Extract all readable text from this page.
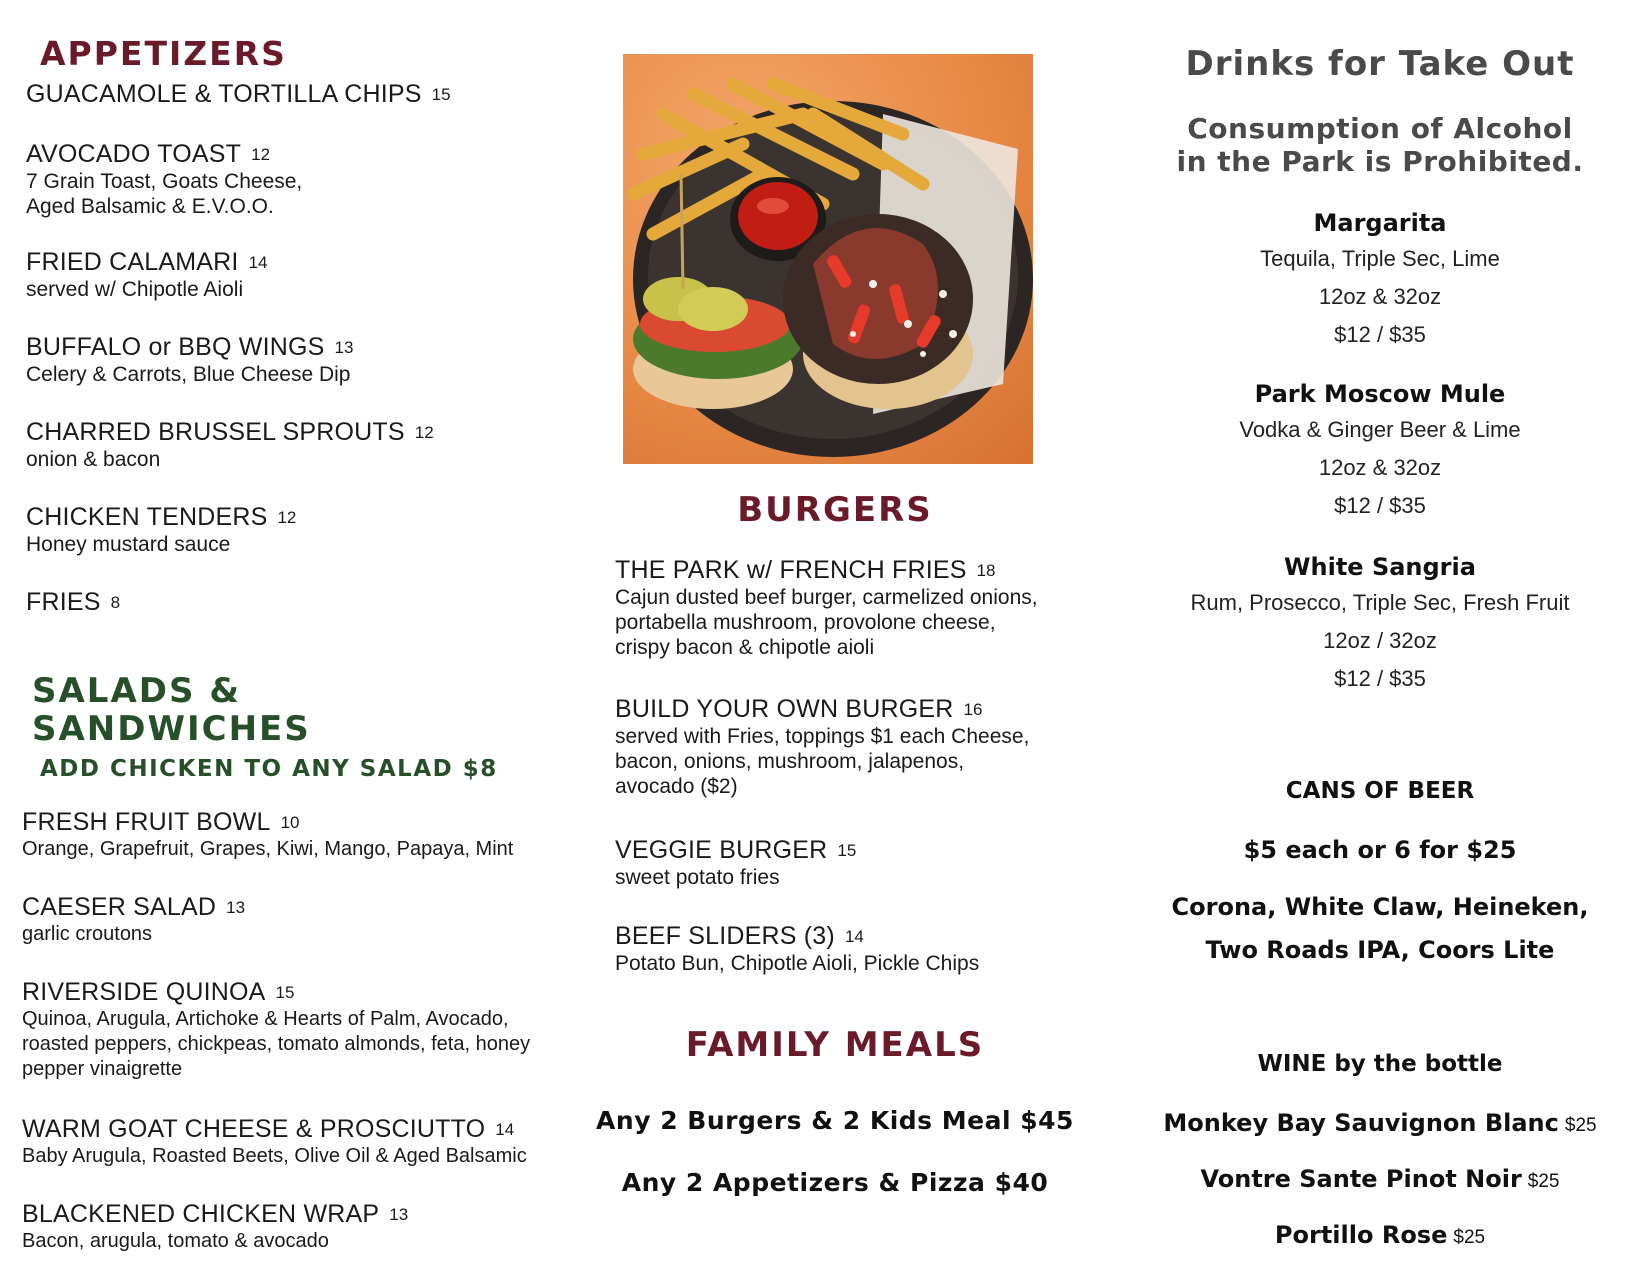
APPETIZERS
GUACAMOLE & TORTILLA CHIPS 15
AVOCADO TOAST 12
7 Grain Toast, Goats Cheese,
Aged Balsamic & E.V.O.O.
FRIED CALAMARI 14
served w/ Chipotle Aioli
BUFFALO or BBQ WINGS 13
Celery & Carrots, Blue Cheese Dip
CHARRED BRUSSEL SPROUTS 12
onion & bacon
CHICKEN TENDERS 12
Honey mustard sauce
FRIES 8
SALADS &
SANDWICHES
ADD CHICKEN TO ANY SALAD $8
FRESH FRUIT BOWL 10
Orange, Grapefruit, Grapes, Kiwi, Mango, Papaya, Mint
CAESER SALAD 13
garlic croutons
RIVERSIDE QUINOA 15
Quinoa, Arugula, Artichoke & Hearts of Palm, Avocado,
roasted peppers, chickpeas, tomato almonds, feta, honey
pepper vinaigrette
WARM GOAT CHEESE & PROSCIUTTO 14
Baby Arugula, Roasted Beets, Olive Oil & Aged Balsamic
BLACKENED CHICKEN WRAP 13
Bacon, arugula, tomato & avocado
BURGERS
THE PARK w/ FRENCH FRIES 18
Cajun dusted beef burger, carmelized onions,
portabella mushroom, provolone cheese,
crispy bacon & chipotle aioli
BUILD YOUR OWN BURGER 16
served with Fries, toppings $1 each Cheese,
bacon, onions, mushroom, jalapenos,
avocado ($2)
VEGGIE BURGER 15
sweet potato fries
BEEF SLIDERS (3) 14
Potato Bun, Chipotle Aioli, Pickle Chips
FAMILY MEALS
Any 2 Burgers & 2 Kids Meal $45
Any 2 Appetizers & Pizza $40
Drinks for Take Out
Consumption of Alcohol
in the Park is Prohibited.
Margarita
Tequila, Triple Sec, Lime
12oz & 32oz
$12 / $35
Park Moscow Mule
Vodka & Ginger Beer & Lime
12oz & 32oz
$12 / $35
White Sangria
Rum, Prosecco, Triple Sec, Fresh Fruit
12oz / 32oz
$12 / $35
CANS OF BEER
$5 each or 6 for $25
Corona, White Claw, Heineken,
Two Roads IPA, Coors Lite
WINE by the bottle
Monkey Bay Sauvignon Blanc $25
Vontre Sante Pinot Noir $25
Portillo Rose $25
